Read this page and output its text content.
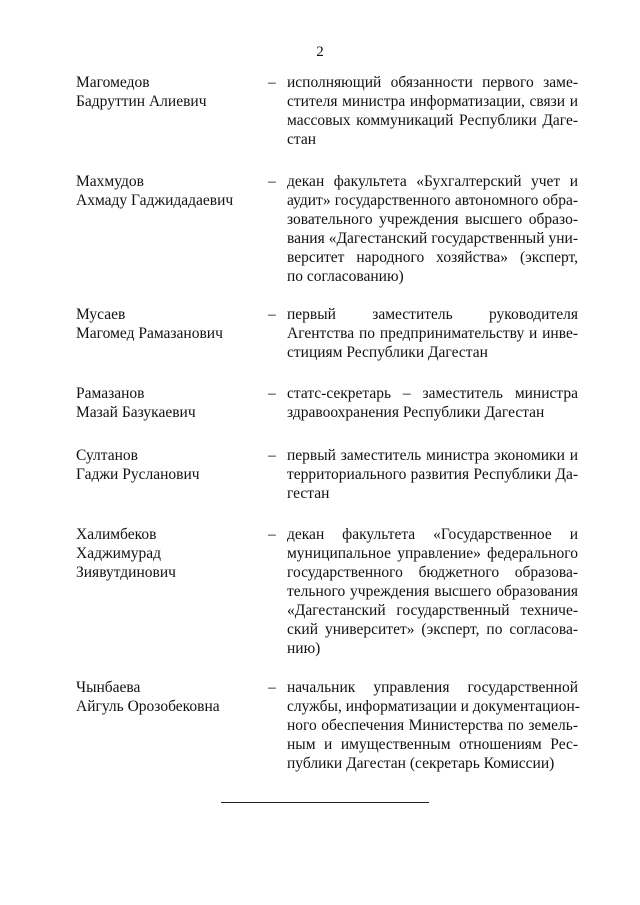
2
Магомедов
Бадруттин Алиевич
– исполняющий обязанности первого заме-
стителя министра информатизации, связи и
массовых коммуникаций Республики Даге-
стан
Махмудов
Ахмаду Гаджидадаевич
– декан факультета «Бухгалтерский учет и
аудит» государственного автономного обра-
зовательного учреждения высшего образо-
вания «Дагестанский государственный уни-
верситет народного хозяйства» (эксперт,
по согласованию)
Мусаев
Магомед Рамазанович
– первый заместитель руководителя
Агентства по предпринимательству и инве-
стициям Республики Дагестан
Рамазанов
Мазай Базукаевич
– статс-секретарь – заместитель министра
здравоохранения Республики Дагестан
Султанов
Гаджи Русланович
– первый заместитель министра экономики и
территориального развития Республики Да-
гестан
Халимбеков
Хаджимурад
Зиявутдинович
– декан факультета «Государственное и
муниципальное управление» федерального
государственного бюджетного образова-
тельного учреждения высшего образования
«Дагестанский государственный техниче-
ский университет» (эксперт, по согласова-
нию)
Чынбаева
Айгуль Орозобековна
– начальник управления государственной
службы, информатизации и документацион-
ного обеспечения Министерства по земель-
ным и имущественным отношениям Рес-
публики Дагестан (секретарь Комиссии)
